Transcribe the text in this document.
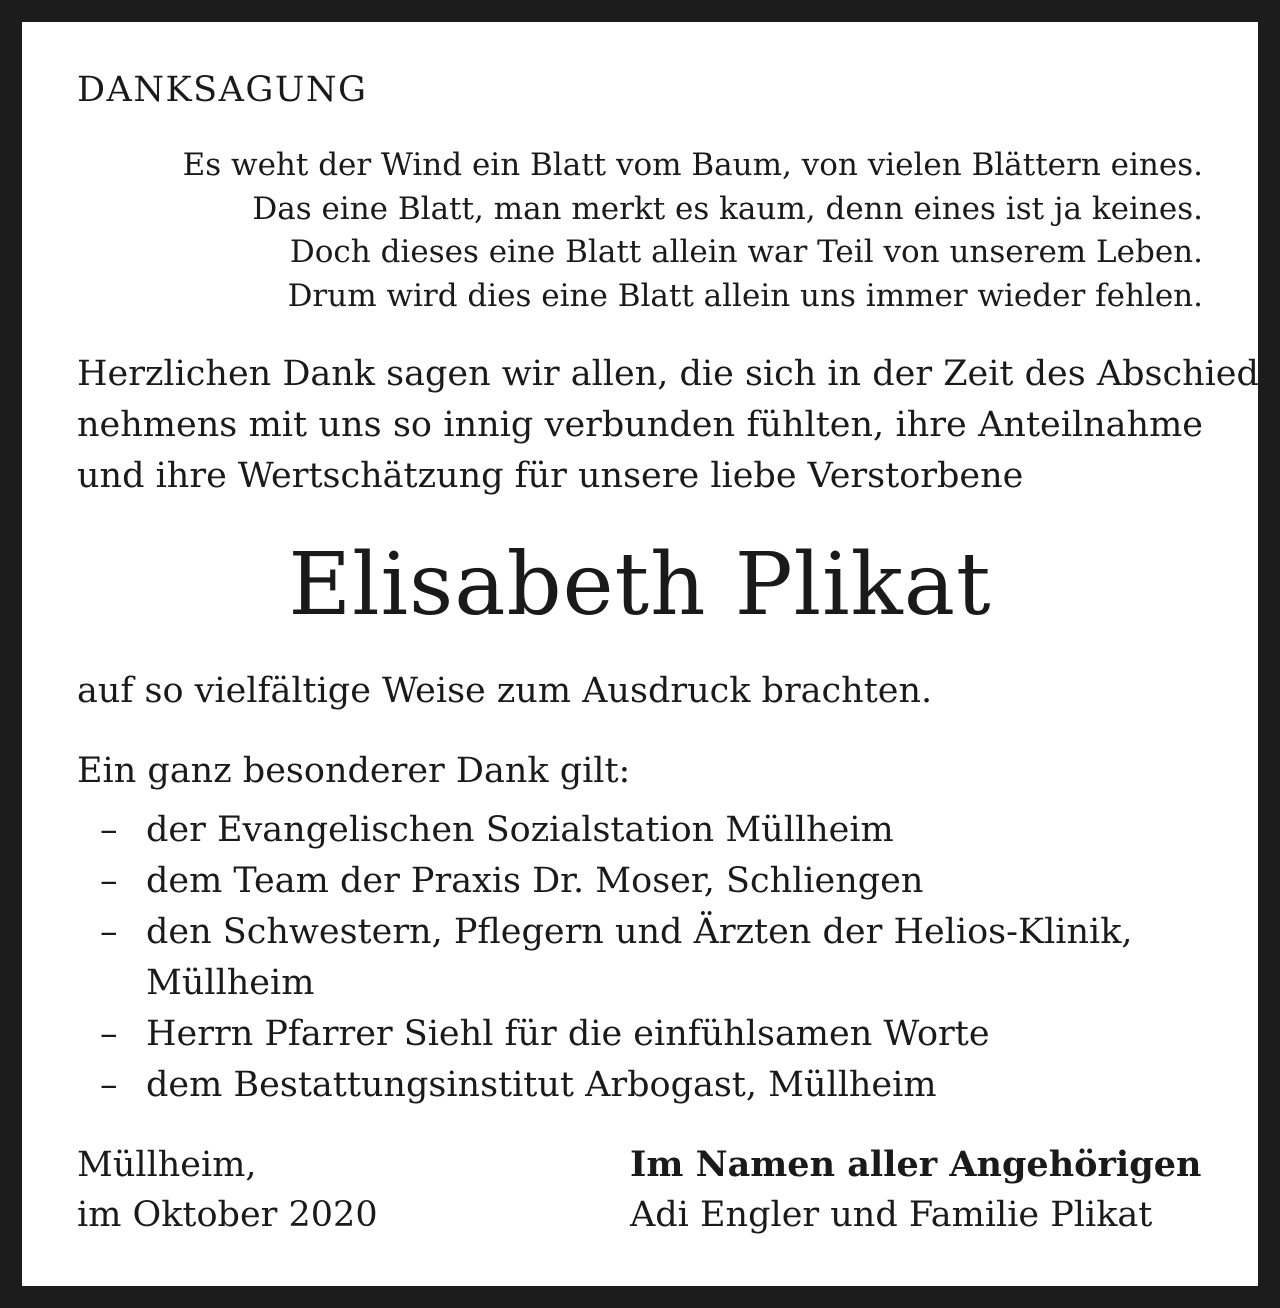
DANKSAGUNG
Es weht der Wind ein Blatt vom Baum, von vielen Blättern eines.
Das eine Blatt, man merkt es kaum, denn eines ist ja keines.
Doch dieses eine Blatt allein war Teil von unserem Leben.
Drum wird dies eine Blatt allein uns immer wieder fehlen.
Herzlichen Dank sagen wir allen, die sich in der Zeit des Abschied-
nehmens mit uns so innig verbunden fühlten, ihre Anteilnahme
und ihre Wertschätzung für unsere liebe Verstorbene
Elisabeth Plikat
auf so vielfältige Weise zum Ausdruck brachten.
Ein ganz besonderer Dank gilt:
– der Evangelischen Sozialstation Müllheim
– dem Team der Praxis Dr. Moser, Schliengen
– den Schwestern, Pflegern und Ärzten der Helios-Klinik,
Müllheim
– Herrn Pfarrer Siehl für die einfühlsamen Worte
– dem Bestattungsinstitut Arbogast, Müllheim
Müllheim,
im Oktober 2020
Im Namen aller Angehörigen
Adi Engler und Familie Plikat
